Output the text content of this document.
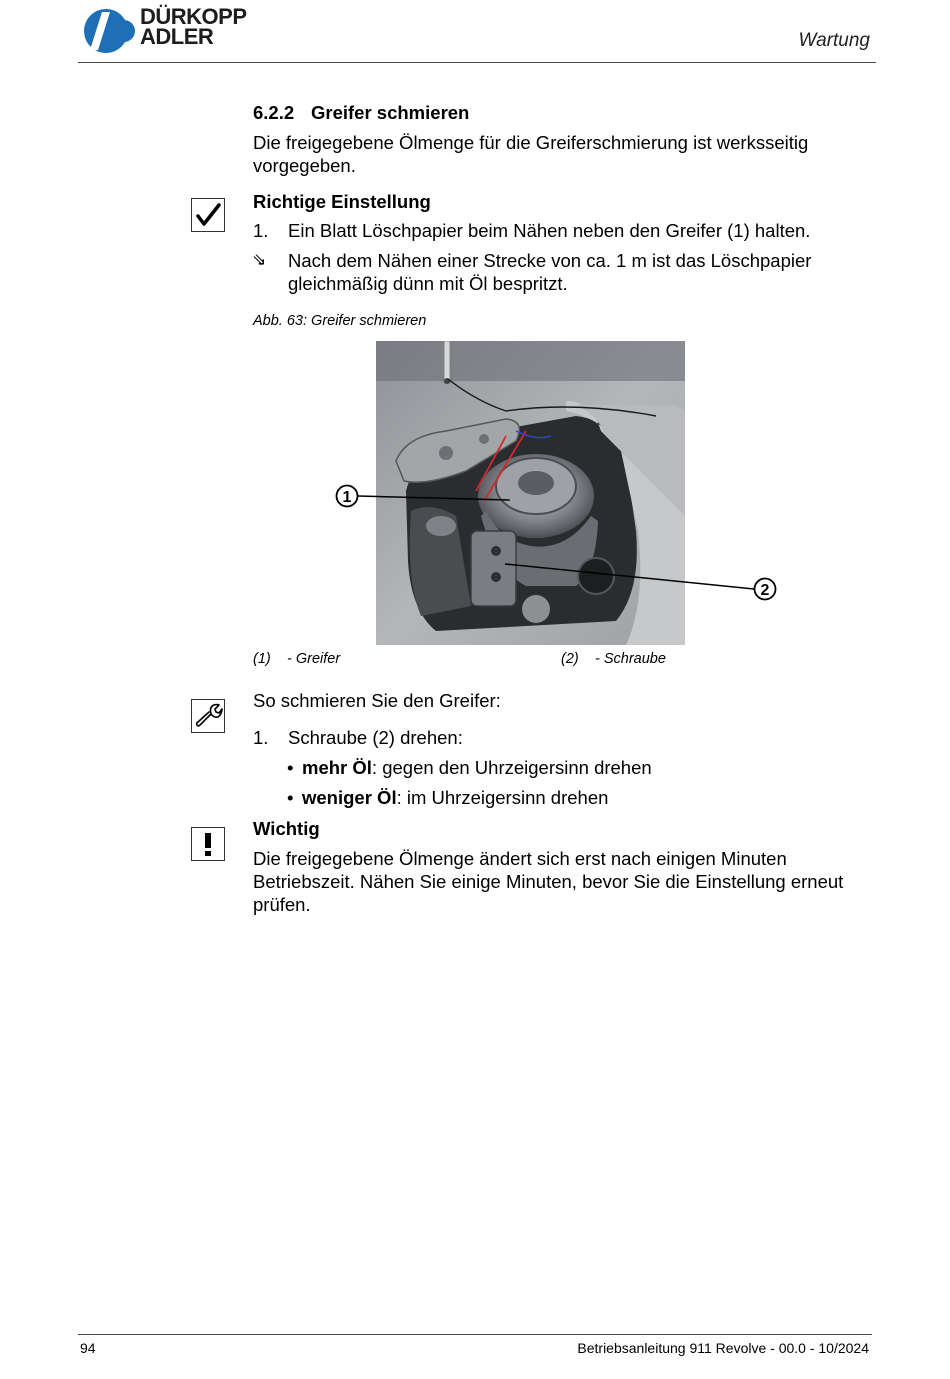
DÜRKOPP
ADLER	Wartung
6.2.2 Greifer schmieren
Die freigegebene Ölmenge für die Greiferschmierung ist werksseitig vorgegeben.
Richtige Einstellung
1. Ein Blatt Löschpapier beim Nähen neben den Greifer (1) halten.
⇘ Nach dem Nähen einer Strecke von ca. 1 m ist das Löschpapier gleichmäßig dünn mit Öl bespritzt.
Abb. 63: Greifer schmieren
1
2
(1) - Greifer	(2) - Schraube
So schmieren Sie den Greifer:
1. Schraube (2) drehen:
• mehr Öl: gegen den Uhrzeigersinn drehen
• weniger Öl: im Uhrzeigersinn drehen
Wichtig
Die freigegebene Ölmenge ändert sich erst nach einigen Minuten Betriebszeit. Nähen Sie einige Minuten, bevor Sie die Einstellung erneut prüfen.
94	Betriebsanleitung 911 Revolve - 00.0 - 10/2024
